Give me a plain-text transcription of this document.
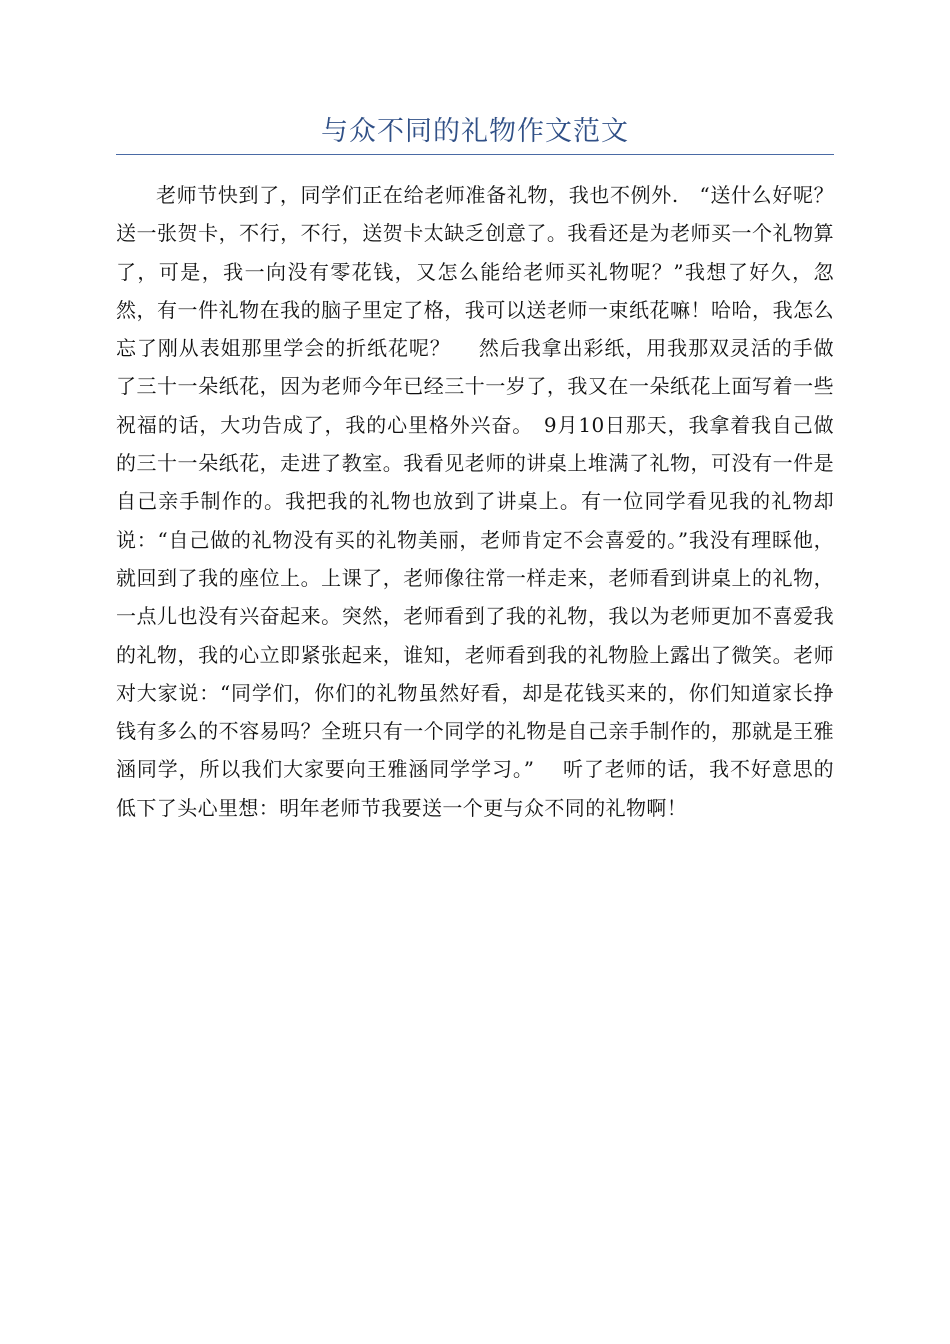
与众不同的礼物作文范文

老师节快到了，同学们正在给老师准备礼物，我也不例外.　“送什么好呢？送一张贺卡，不行，不行，送贺卡太缺乏创意了。我看还是为老师买一个礼物算了，可是，我一向没有零花钱，又怎么能给老师买礼物呢？”我想了好久，忽然，有一件礼物在我的脑子里定了格，我可以送老师一束纸花嘛！哈哈，我怎么忘了刚从表姐那里学会的折纸花呢？　 然后我拿出彩纸，用我那双灵活的手做了三十一朵纸花，因为老师今年已经三十一岁了，我又在一朵纸花上面写着一些祝福的话，大功告成了，我的心里格外兴奋。　9月10日那天，我拿着我自己做的三十一朵纸花，走进了教室。我看见老师的讲桌上堆满了礼物，可没有一件是自己亲手制作的。我把我的礼物也放到了讲桌上。有一位同学看见我的礼物却说：“自己做的礼物没有买的礼物美丽，老师肯定不会喜爱的。”我没有理睬他，就回到了我的座位上。上课了，老师像往常一样走来，老师看到讲桌上的礼物，一点儿也没有兴奋起来。突然，老师看到了我的礼物，我以为老师更加不喜爱我的礼物，我的心立即紧张起来，谁知，老师看到我的礼物脸上露出了微笑。老师对大家说：“同学们，你们的礼物虽然好看，却是花钱买来的，你们知道家长挣钱有多么的不容易吗？全班只有一个同学的礼物是自己亲手制作的，那就是王雅涵同学，所以我们大家要向王雅涵同学学习。”　 听了老师的话，我不好意思的低下了头心里想：明年老师节我要送一个更与众不同的礼物啊！
